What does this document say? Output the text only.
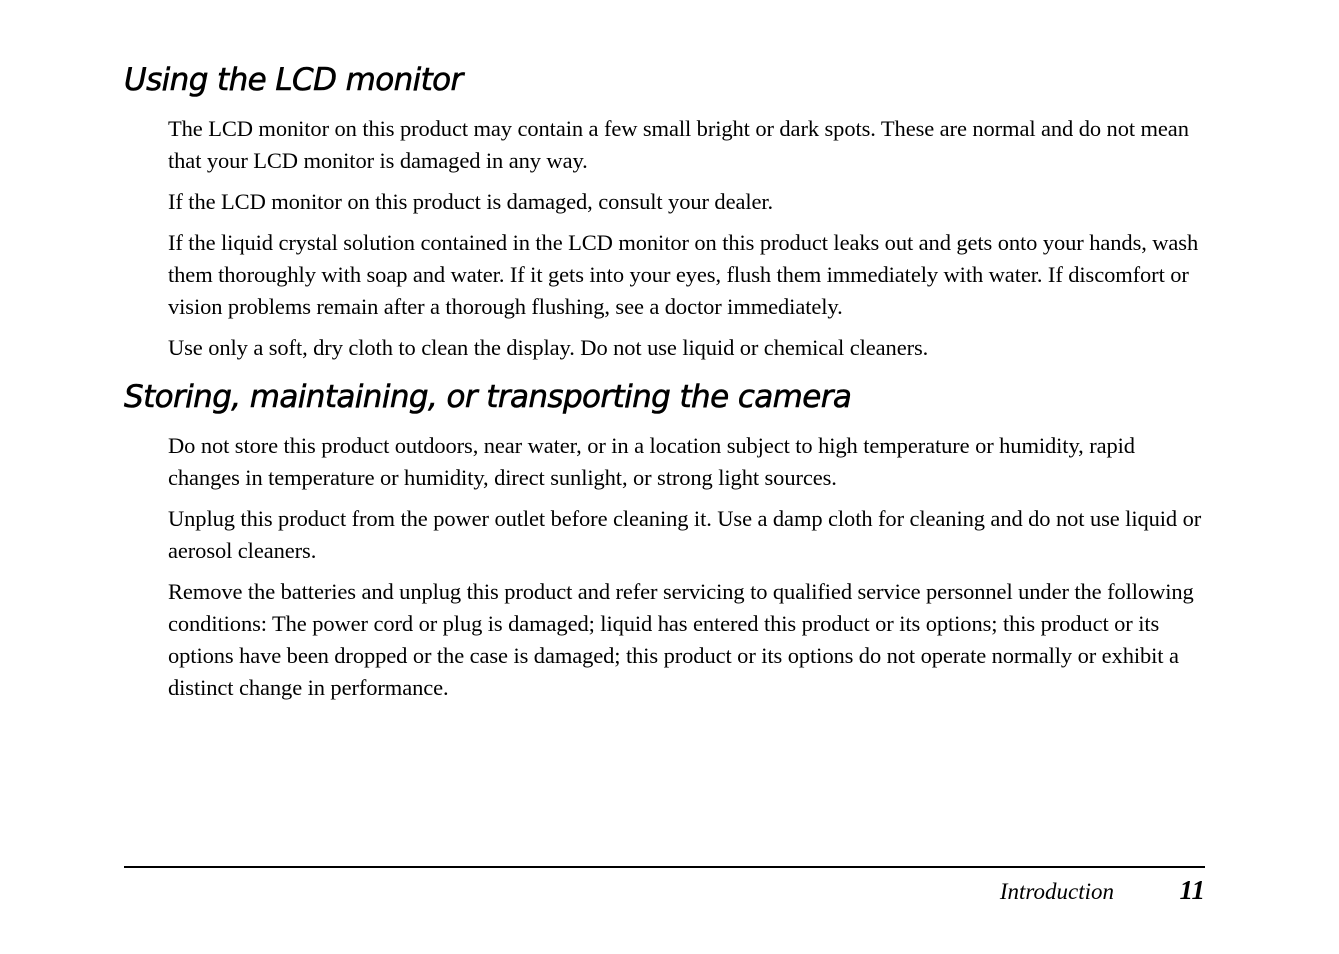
Using the LCD monitor

The LCD monitor on this product may contain a few small bright or dark spots. These are normal and do not mean that your LCD monitor is damaged in any way.

If the LCD monitor on this product is damaged, consult your dealer.

If the liquid crystal solution contained in the LCD monitor on this product leaks out and gets onto your hands, wash them thoroughly with soap and water. If it gets into your eyes, flush them immediately with water. If discomfort or vision problems remain after a thorough flushing, see a doctor immediately.

Use only a soft, dry cloth to clean the display. Do not use liquid or chemical cleaners.

Storing, maintaining, or transporting the camera

Do not store this product outdoors, near water, or in a location subject to high temperature or humidity, rapid changes in temperature or humidity, direct sunlight, or strong light sources.

Unplug this product from the power outlet before cleaning it. Use a damp cloth for cleaning and do not use liquid or aerosol cleaners.

Remove the batteries and unplug this product and refer servicing to qualified service personnel under the following conditions: The power cord or plug is damaged; liquid has entered this product or its options; this product or its options have been dropped or the case is damaged; this product or its options do not operate normally or exhibit a distinct change in performance.

Introduction 11
